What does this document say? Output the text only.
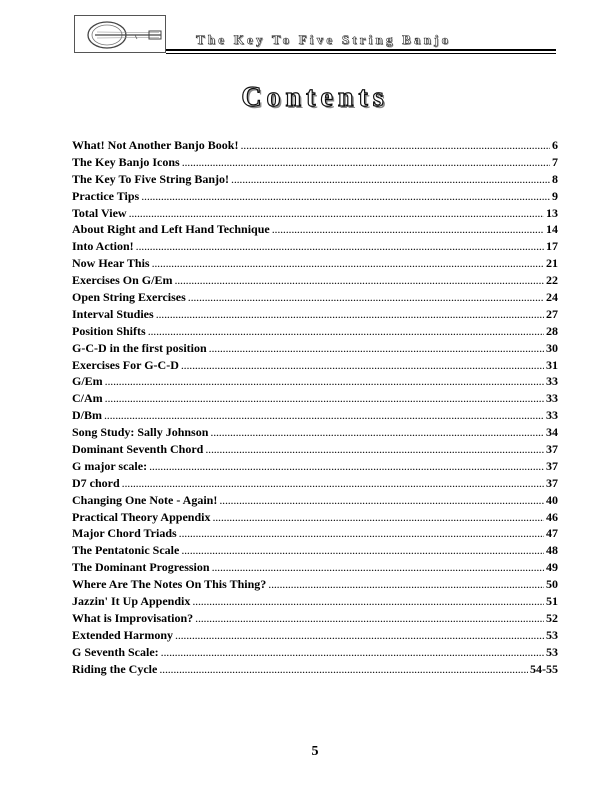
The Key To Five String Banjo
Contents
What! Not Another Banjo Book! . . .	6
The Key Banjo Icons . . .	7
The Key To Five String Banjo! . . .	8
Practice Tips . . .	9
Total View . . .	13
About Right and Left Hand Technique . . .	14
Into Action! . . .	17
Now Hear This . . .	21
Exercises On G/Em . . .	22
Open String Exercises . . .	24
Interval Studies . . .	27
Position Shifts . . .	28
G-C-D in the first position . . .	30
Exercises For G-C-D . . .	31
G/Em . . .	33
C/Am . . .	33
D/Bm . . .	33
Song Study: Sally Johnson . . .	34
Dominant Seventh Chord . . .	37
G major scale: . . .	37
D7 chord . . .	37
Changing One Note - Again! . . .	40
Practical Theory Appendix . . .	46
Major Chord Triads . . .	47
The Pentatonic Scale . . .	48
The Dominant Progression . . .	49
Where Are The Notes On This Thing? . . .	50
Jazzin' It Up Appendix . . .	51
What is Improvisation? . . .	52
Extended Harmony . . .	53
G Seventh Scale: . . .	53
Riding the Cycle . . .	54-55
5
